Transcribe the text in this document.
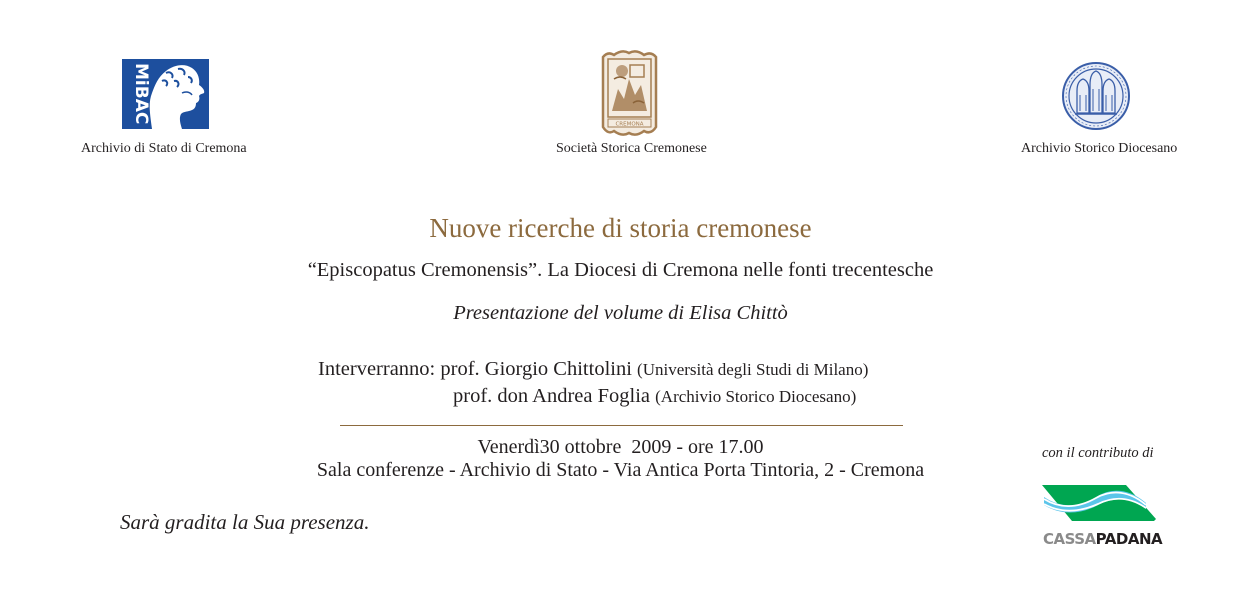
MiBAC
Archivio di Stato di Cremona
CREMONA
Società Storica Cremonese	Archivio Storico Diocesano
Nuove ricerche di storia cremonese
“Episcopatus Cremonensis”. La Diocesi di Cremona nelle fonti trecentesche
Presentazione del volume di Elisa Chittò
Interverranno: prof. Giorgio Chittolini (Università degli Studi di Milano)
prof. don Andrea Foglia (Archivio Storico Diocesano)
Venerdì30 ottobre  2009 - ore 17.00
Sala conferenze - Archivio di Stato - Via Antica Porta Tintoria, 2 - Cremona
Sarà gradita la Sua presenza.
con il contributo di
CASSAPADANA
